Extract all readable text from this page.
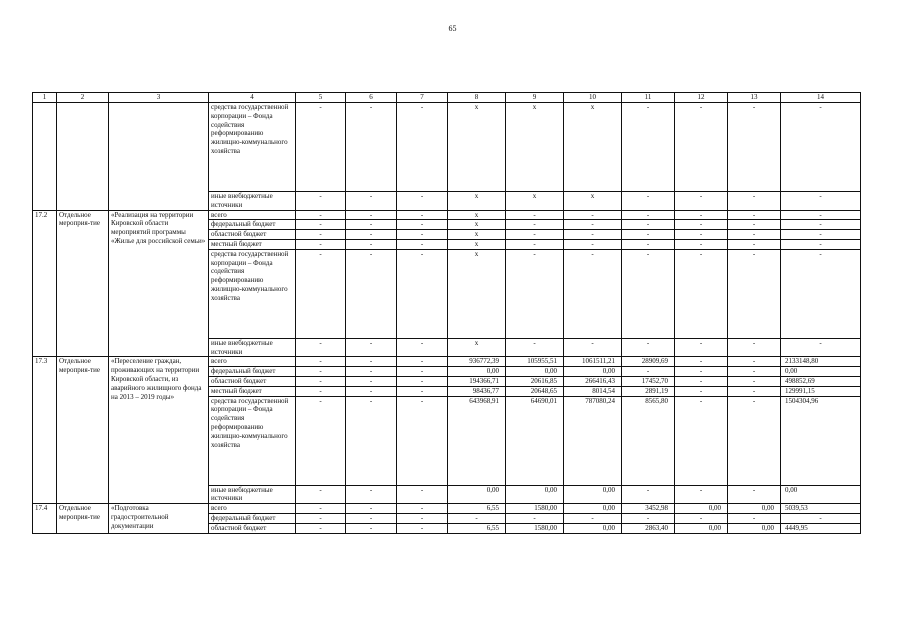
65
1	2	3	4	5	6	7	8	9	10	11	12	13	14
			средства государственной корпорации – Фонда содействия реформированию жилищно-коммунального хозяйства	-	-	-	x	x	x	-	-	-	-
			иные внебюджетные источники	-	-	-	x	x	x	-	-	-	-
17.2	Отдельное мероприя-тие	«Реализация на территории Кировской области мероприятий программы «Жилье для российской семьи»	всего	-	-	-	x	-	-	-	-	-	-
			федеральный бюджет	-	-	-	x	-	-	-	-	-	-
			областной бюджет	-	-	-	x	-	-	-	-	-	-
			местный бюджет	-	-	-	x	-	-	-	-	-	-
			средства государственной корпорации – Фонда содействия реформированию жилищно-коммунального хозяйства	-	-	-	x	-	-	-	-	-	-
			иные внебюджетные источники	-	-	-	x	-	-	-	-	-	-
17.3	Отдельное мероприя-тие	«Переселение граждан, проживающих на территории Кировской области, из аварийного жилищного фонда на 2013 – 2019 годы»	всего	-	-	-	936772,39	105955,51	1061511,21	28909,69	-	-	2133148,80
			федеральный бюджет	-	-	-	0,00	0,00	0,00	-	-	-	0,00
			областной бюджет	-	-	-	194366,71	20616,85	266416,43	17452,70	-	-	498852,69
			местный бюджет	-	-	-	98436,77	20648,65	8014,54	2891,19	-	-	129991,15
			средства государственной корпорации – Фонда содействия реформированию жилищно-коммунального хозяйства	-	-	-	643968,91	64690,01	787080,24	8565,80	-	-	1504304,96
			иные внебюджетные источники	-	-	-	0,00	0,00	0,00	-	-	-	0,00
17.4	Отдельное мероприя-тие	«Подготовка градостроительной документации	всего	-	-	-	6,55	1580,00	0,00	3452,98	0,00	0,00	5039,53
			федеральный бюджет	-	-	-	-	-	-	-	-	-	-
			областной бюджет	-	-	-	6,55	1580,00	0,00	2863,40	0,00	0,00	4449,95
